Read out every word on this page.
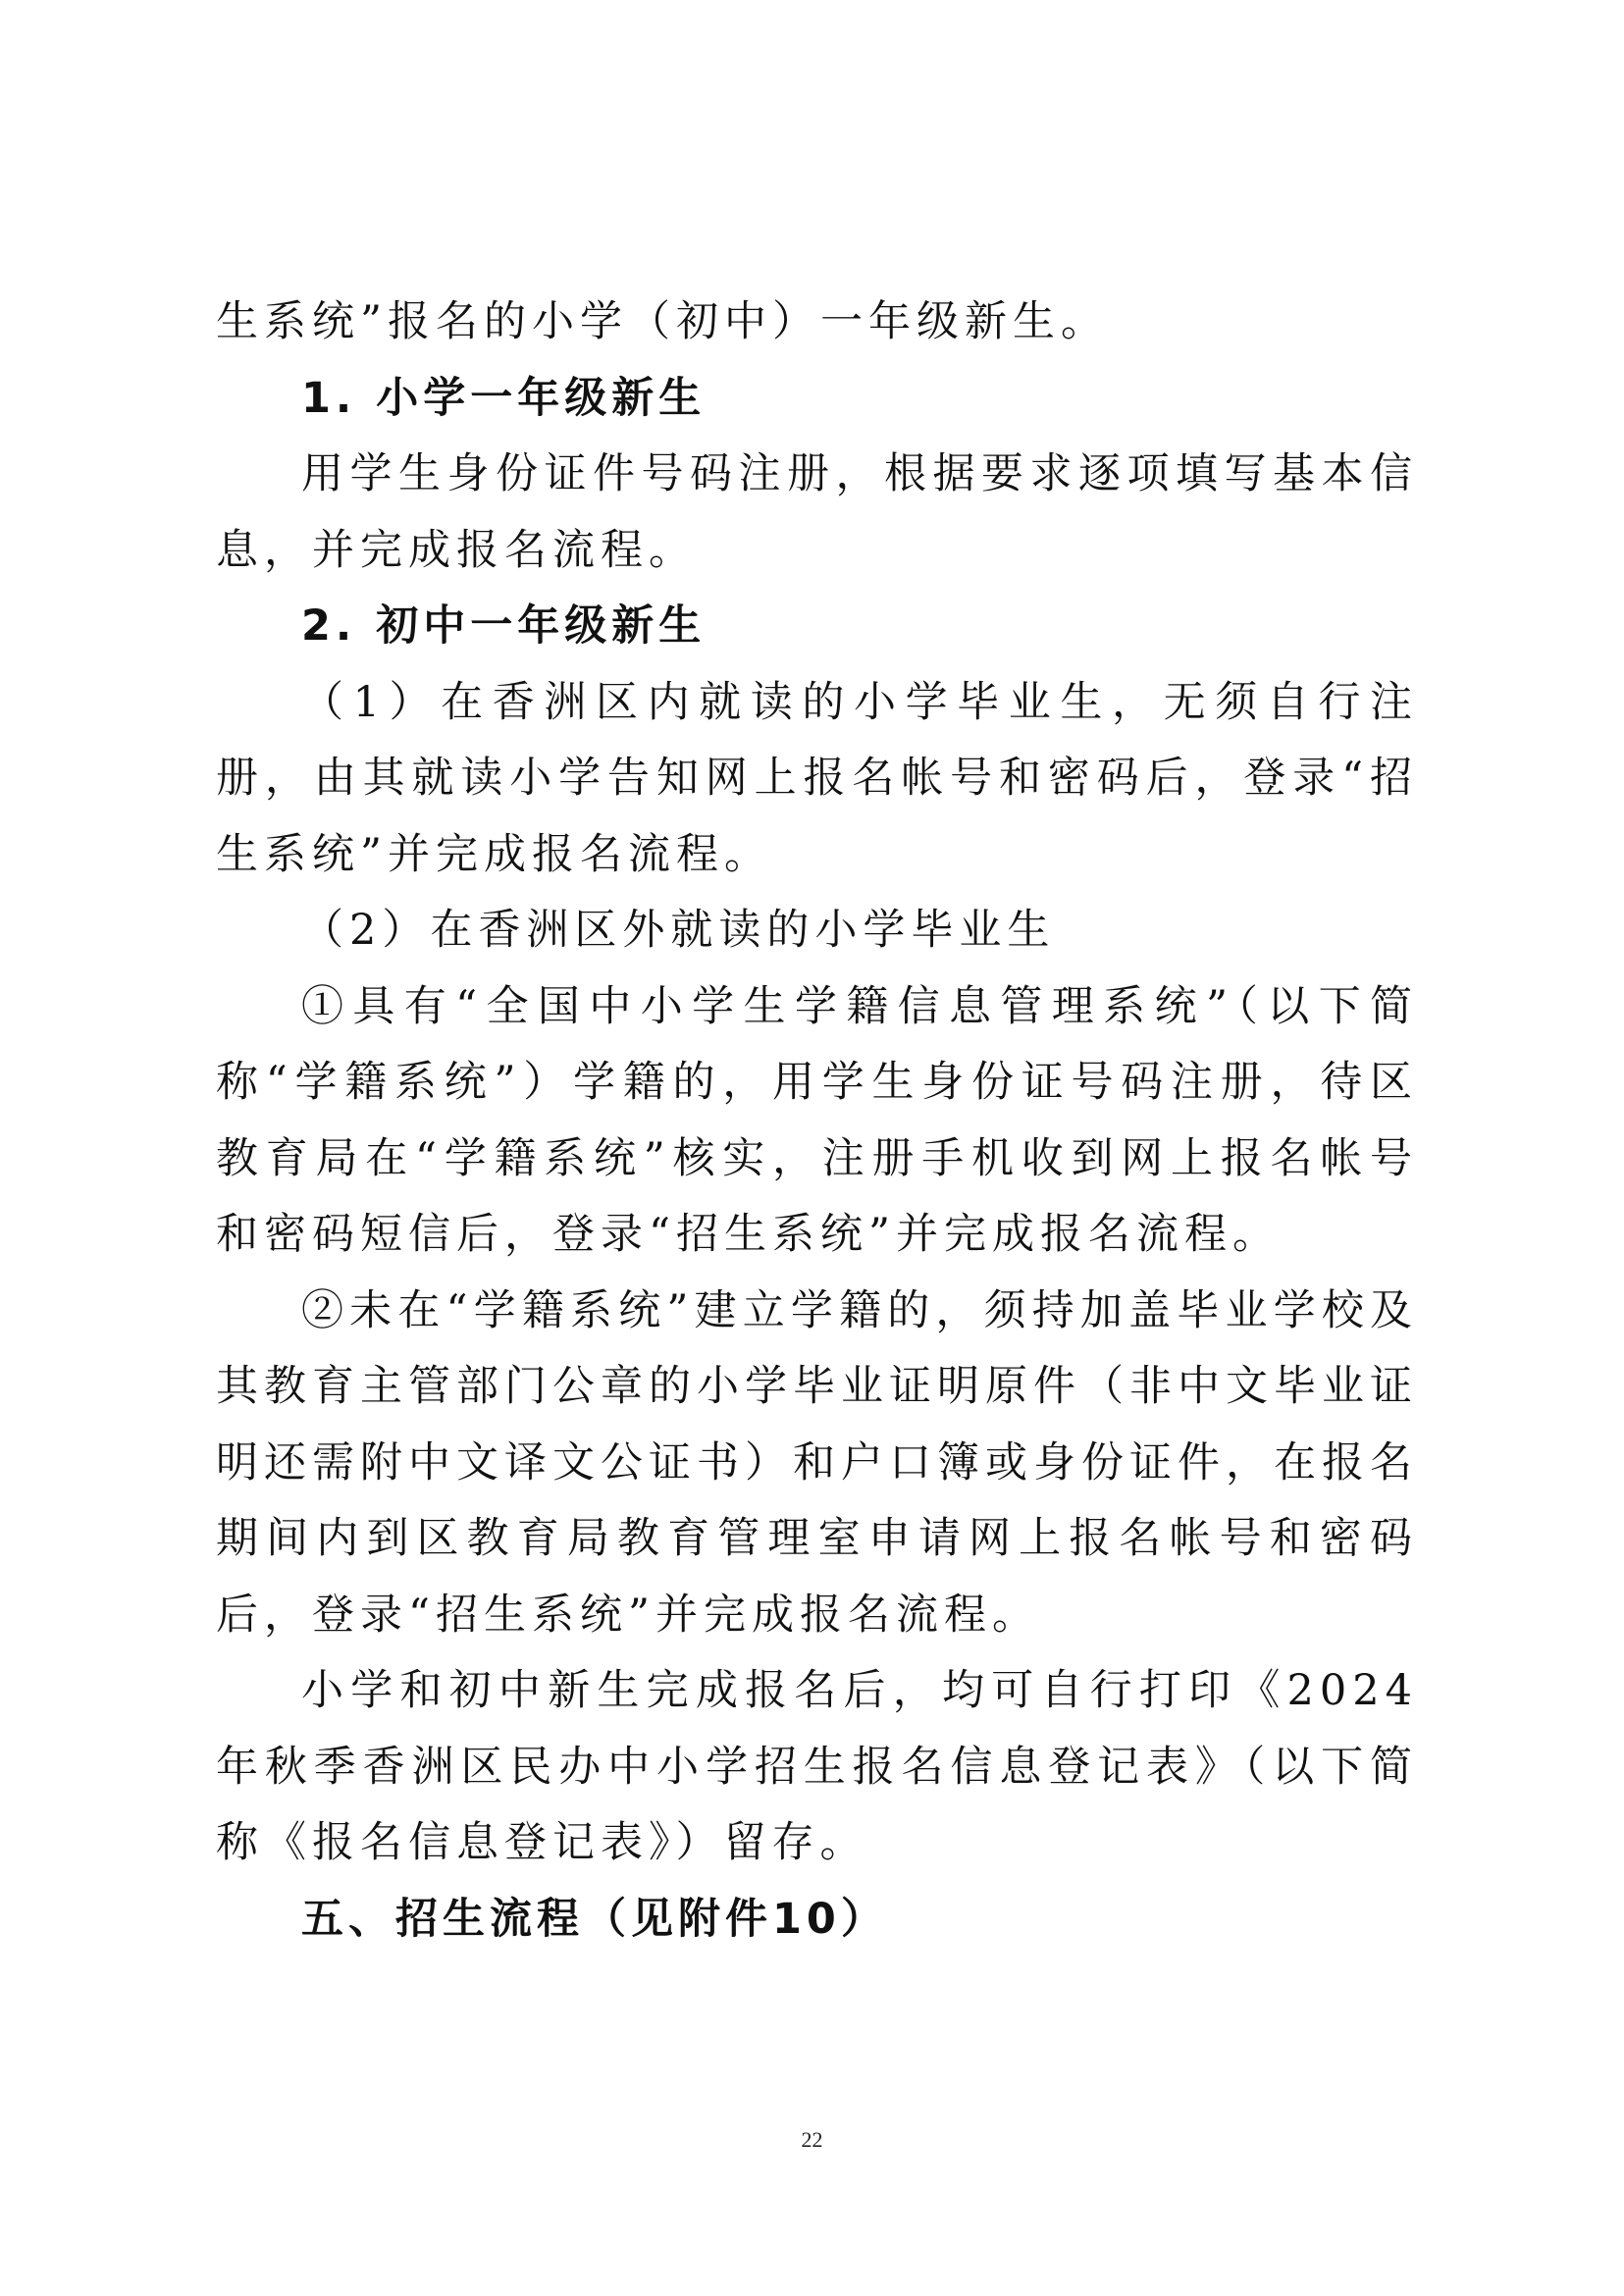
生系统”报名的小学（初中）一年级新生。

1. 小学一年级新生

用学生身份证件号码注册，根据要求逐项填写基本信息，并完成报名流程。

2. 初中一年级新生

（1）在香洲区内就读的小学毕业生，无须自行注册，由其就读小学告知网上报名帐号和密码后，登录“招生系统”并完成报名流程。

（2）在香洲区外就读的小学毕业生

①具有“全国中小学生学籍信息管理系统”（以下简称“学籍系统”）学籍的，用学生身份证号码注册，待区教育局在“学籍系统”核实，注册手机收到网上报名帐号和密码短信后，登录“招生系统”并完成报名流程。

②未在“学籍系统”建立学籍的，须持加盖毕业学校及其教育主管部门公章的小学毕业证明原件（非中文毕业证明还需附中文译文公证书）和户口簿或身份证件，在报名期间内到区教育局教育管理室申请网上报名帐号和密码后，登录“招生系统”并完成报名流程。

小学和初中新生完成报名后，均可自行打印《2024年秋季香洲区民办中小学招生报名信息登记表》（以下简称《报名信息登记表》）留存。

五、招生流程（见附件10）

22
